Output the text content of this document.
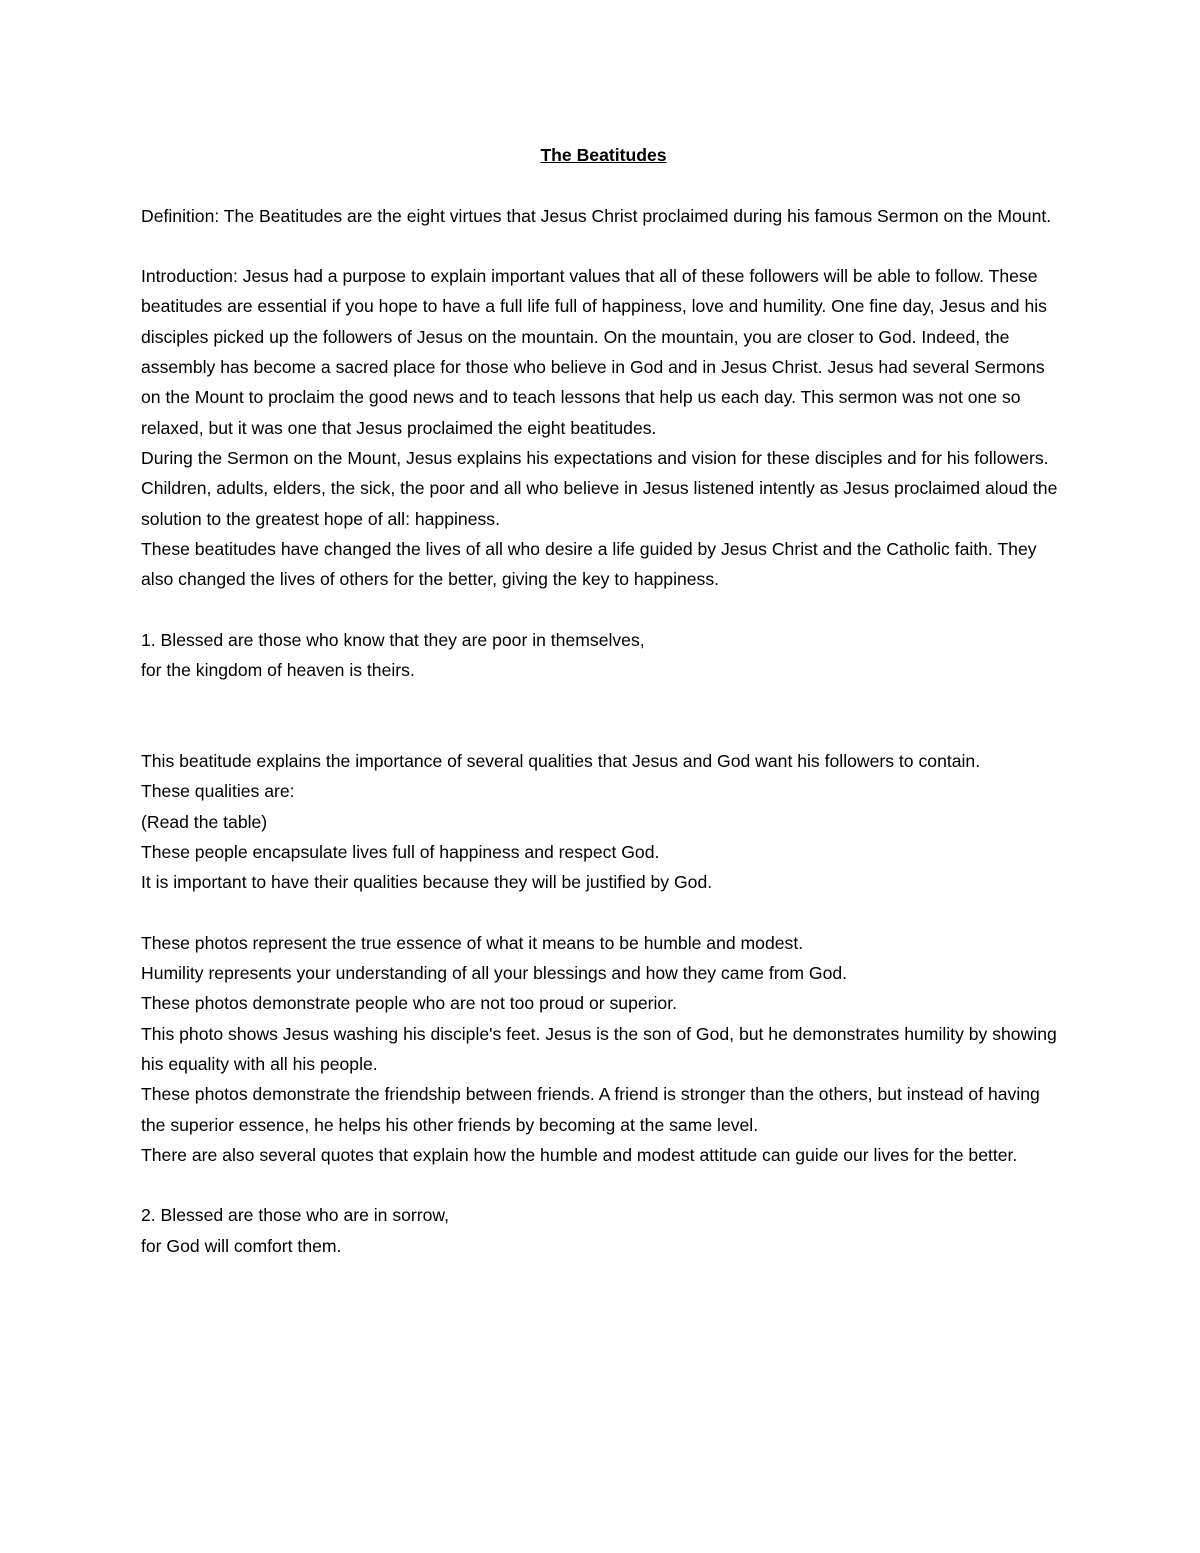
The Beatitudes

Definition: The Beatitudes are the eight virtues that Jesus Christ proclaimed during his famous Sermon on the Mount.

Introduction: Jesus had a purpose to explain important values that all of these followers will be able to follow. These beatitudes are essential if you hope to have a full life full of happiness, love and humility. One fine day, Jesus and his disciples picked up the followers of Jesus on the mountain. On the mountain, you are closer to God. Indeed, the assembly has become a sacred place for those who believe in God and in Jesus Christ. Jesus had several Sermons on the Mount to proclaim the good news and to teach lessons that help us each day. This sermon was not one so relaxed, but it was one that Jesus proclaimed the eight beatitudes.

During the Sermon on the Mount, Jesus explains his expectations and vision for these disciples and for his followers.

Children, adults, elders, the sick, the poor and all who believe in Jesus listened intently as Jesus proclaimed aloud the solution to the greatest hope of all: happiness.

These beatitudes have changed the lives of all who desire a life guided by Jesus Christ and the Catholic faith. They also changed the lives of others for the better, giving the key to happiness.

1. Blessed are those who know that they are poor in themselves,

for the kingdom of heaven is theirs.

This beatitude explains the importance of several qualities that Jesus and God want his followers to contain.

These qualities are:

(Read the table)

These people encapsulate lives full of happiness and respect God.

It is important to have their qualities because they will be justified by God.

These photos represent the true essence of what it means to be humble and modest.

Humility represents your understanding of all your blessings and how they came from God.

These photos demonstrate people who are not too proud or superior.

This photo shows Jesus washing his disciple's feet. Jesus is the son of God, but he demonstrates humility by showing his equality with all his people.

These photos demonstrate the friendship between friends. A friend is stronger than the others, but instead of having the superior essence, he helps his other friends by becoming at the same level.

There are also several quotes that explain how the humble and modest attitude can guide our lives for the better.

2. Blessed are those who are in sorrow,

for God will comfort them.
